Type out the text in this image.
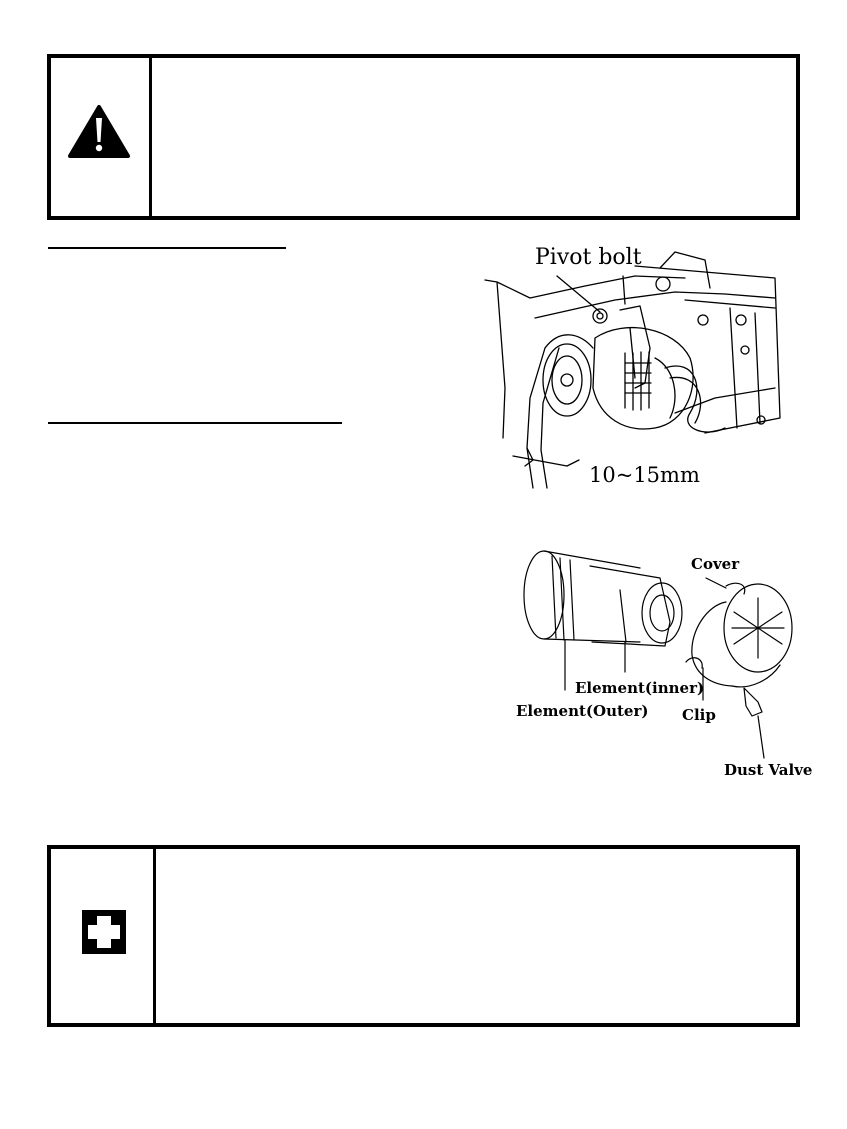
Pivot bolt
10~15mm
Cover
Element(inner)
Element(Outer) Clip
Dust Valve
